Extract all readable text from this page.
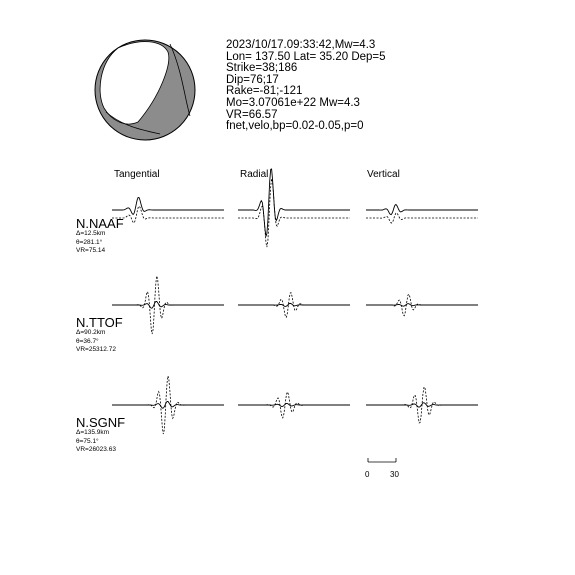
2023/10/17.09:33:42,Mw=4.3
Lon= 137.50 Lat= 35.20 Dep=5
Strike=38;186
Dip=76;17
Rake=-81;-121
Mo=3.07061e+22 Mw=4.3
VR=66.57
fnet,velo,bp=0.02-0.05,p=0
Tangential	Radial	Vertical
N.NAAF
Δ=12.5km
θ=281.1°
VR=75.14
N.TTOF
Δ=90.2km
θ=36.7°
VR=25312.72
N.SGNF
Δ=135.9km
θ=75.1°
VR=26023.63
0	30
